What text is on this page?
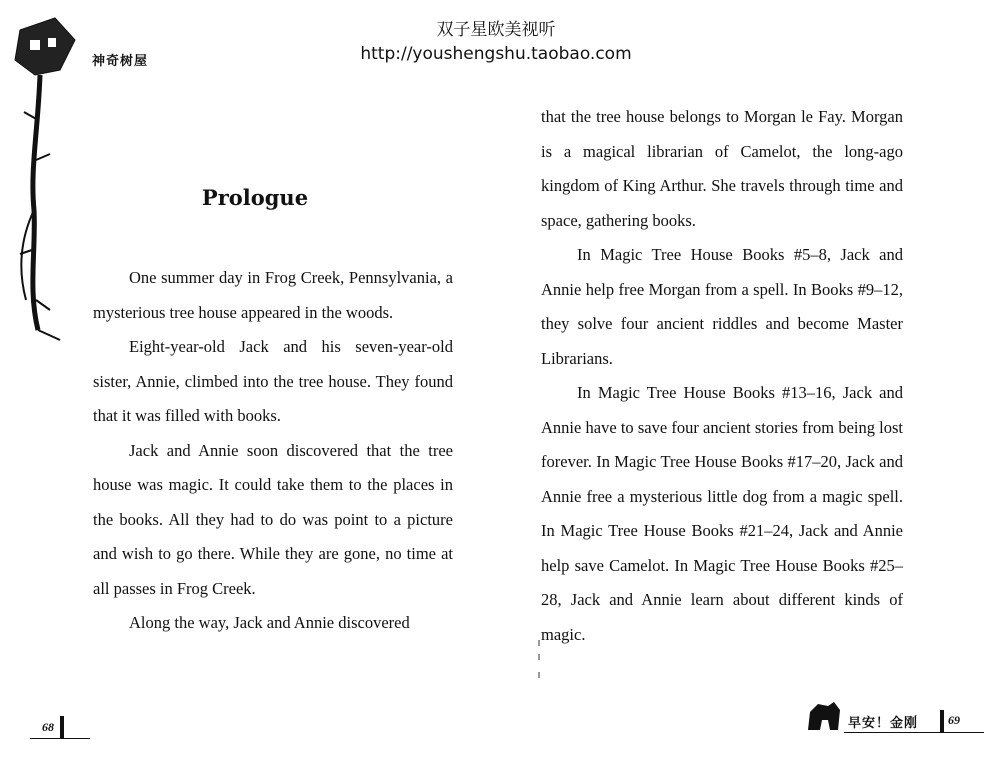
双子星欧美视听
http://youshengshu.taobao.com
神奇树屋
Prologue

One summer day in Frog Creek, Pennsylvania, a mysterious tree house appeared in the woods.

Eight-year-old Jack and his seven-year-old sister, Annie, climbed into the tree house. They found that it was filled with books.

Jack and Annie soon discovered that the tree house was magic. It could take them to the places in the books. All they had to do was point to a picture and wish to go there. While they are gone, no time at all passes in Frog Creek.

Along the way, Jack and Annie discovered

that the tree house belongs to Morgan le Fay. Morgan is a magical librarian of Camelot, the long-ago kingdom of King Arthur. She travels through time and space, gathering books.

In Magic Tree House Books #5–8, Jack and Annie help free Morgan from a spell. In Books #9–12, they solve four ancient riddles and become Master Librarians.

In Magic Tree House Books #13–16, Jack and Annie have to save four ancient stories from being lost forever. In Magic Tree House Books #17–20, Jack and Annie free a mysterious little dog from a magic spell. In Magic Tree House Books #21–24, Jack and Annie help save Camelot. In Magic Tree House Books #25–28, Jack and Annie learn about different kinds of magic.

68	早安！金刚 69
